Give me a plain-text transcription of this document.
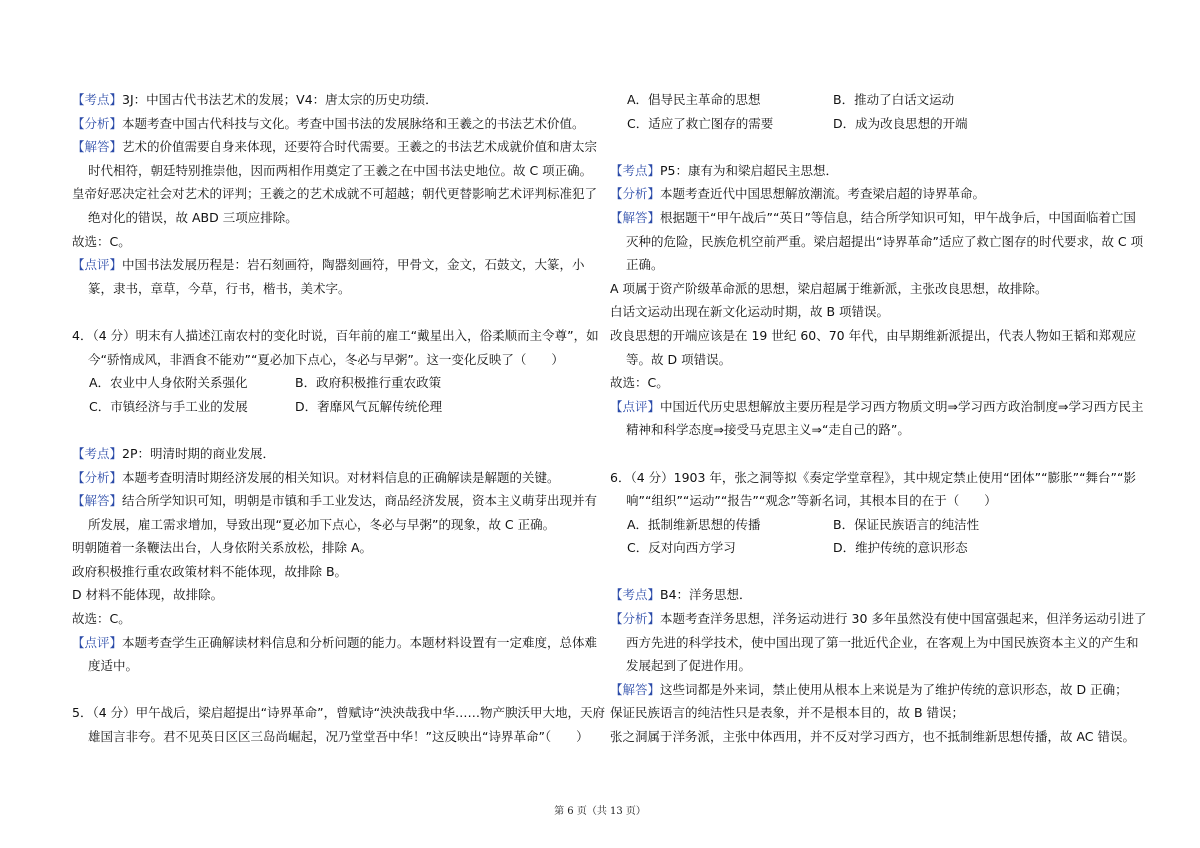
【考点】3J：中国古代书法艺术的发展；V4：唐太宗的历史功绩．
【分析】本题考查中国古代科技与文化。考查中国书法的发展脉络和王羲之的书法艺术价值。
【解答】艺术的价值需要自身来体现，还要符合时代需要。王羲之的书法艺术成就价值和唐太宗
时代相符，朝廷特别推崇他，因而两相作用奠定了王羲之在中国书法史地位。故 C 项正确。
皇帝好恶决定社会对艺术的评判；王羲之的艺术成就不可超越；朝代更替影响艺术评判标准犯了
绝对化的错误，故 ABD 三项应排除。
故选：C。
【点评】中国书法发展历程是：岩石刻画符，陶器刻画符，甲骨文，金文，石鼓文，大篆，小
篆，隶书，章草，今草，行书，楷书，美术字。
4．（4 分）明末有人描述江南农村的变化时说，百年前的雇工“戴星出入，俗柔顺而主令尊”，如
今“骄惰成风，非酒食不能劝”“夏必加下点心，冬必与早粥”。这一变化反映了（　　）
A．农业中人身依附关系强化	B．政府积极推行重农政策
C．市镇经济与手工业的发展	D．奢靡风气瓦解传统伦理
【考点】2P：明清时期的商业发展．
【分析】本题考查明清时期经济发展的相关知识。对材料信息的正确解读是解题的关键。
【解答】结合所学知识可知，明朝是市镇和手工业发达，商品经济发展，资本主义萌芽出现并有
所发展，雇工需求增加，导致出现“夏必加下点心，冬必与早粥”的现象，故 C 正确。
明朝随着一条鞭法出台，人身依附关系放松，排除 A。
政府积极推行重农政策材料不能体现，故排除 B。
D 材料不能体现，故排除。
故选：C。
【点评】本题考查学生正确解读材料信息和分析问题的能力。本题材料设置有一定难度，总体难
度适中。
5．（4 分）甲午战后，梁启超提出“诗界革命”，曾赋诗“泱泱哉我中华……物产腴沃甲大地，天府
雄国言非夸。君不见英日区区三岛尚崛起，况乃堂堂吾中华！”这反映出“诗界革命”（　　）
A．倡导民主革命的思想	B．推动了白话文运动
C．适应了救亡图存的需要	D．成为改良思想的开端
【考点】P5：康有为和梁启超民主思想．
【分析】本题考查近代中国思想解放潮流。考查梁启超的诗界革命。
【解答】根据题干“甲午战后”“英日”等信息，结合所学知识可知，甲午战争后，中国面临着亡国
灭种的危险，民族危机空前严重。梁启超提出“诗界革命”适应了救亡图存的时代要求，故 C 项
正确。
A 项属于资产阶级革命派的思想，梁启超属于维新派，主张改良思想，故排除。
白话文运动出现在新文化运动时期，故 B 项错误。
改良思想的开端应该是在 19 世纪 60、70 年代，由早期维新派提出，代表人物如王韬和郑观应
等。故 D 项错误。
故选：C。
【点评】中国近代历史思想解放主要历程是学习西方物质文明⇒学习西方政治制度⇒学习西方民主
精神和科学态度⇒接受马克思主义⇒“走自己的路”。
6．（4 分）1903 年，张之洞等拟《奏定学堂章程》，其中规定禁止使用“团体”“膨胀”“舞台”“影
响”“组织”“运动”“报告”“观念”等新名词，其根本目的在于（　　）
A．抵制维新思想的传播	B．保证民族语言的纯洁性
C．反对向西方学习	D．维护传统的意识形态
【考点】B4：洋务思想．
【分析】本题考查洋务思想，洋务运动进行 30 多年虽然没有使中国富强起来，但洋务运动引进了
西方先进的科学技术，使中国出现了第一批近代企业，在客观上为中国民族资本主义的产生和
发展起到了促进作用。
【解答】这些词都是外来词，禁止使用从根本上来说是为了维护传统的意识形态，故 D 正确；
保证民族语言的纯洁性只是表象，并不是根本目的，故 B 错误；
张之洞属于洋务派，主张中体西用，并不反对学习西方，也不抵制维新思想传播，故 AC 错误。
第 6 页（共 13 页）
